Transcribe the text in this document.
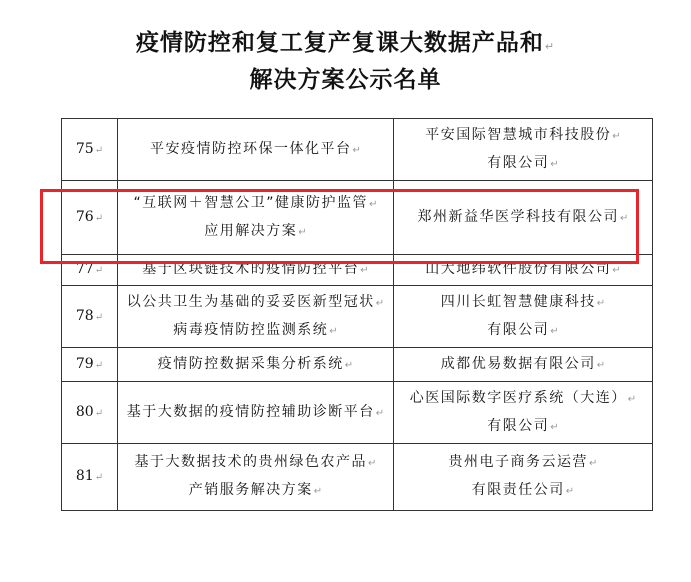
疫情防控和复工复产复课大数据产品和↵
解决方案公示名单
75↵	平安疫情防控环保一体化平台↵	平安国际智慧城市科技股份↵
有限公司↵

76↵	“互联网＋智慧公卫”健康防护监管↵
应用解决方案↵	郑州新益华医学科技有限公司↵

77↵	基于区块链技术的疫情防控平台↵	山大地纬软件股份有限公司↵

78↵	以公共卫生为基础的妥妥医新型冠状↵
病毒疫情防控监测系统↵	四川长虹智慧健康科技↵
有限公司↵

79↵	疫情防控数据采集分析系统↵	成都优易数据有限公司↵

80↵	基于大数据的疫情防控辅助诊断平台↵	心医国际数字医疗系统（大连）↵
有限公司↵

81↵	基于大数据技术的贵州绿色农产品↵
产销服务解决方案↵	贵州电子商务云运营↵
有限责任公司↵
